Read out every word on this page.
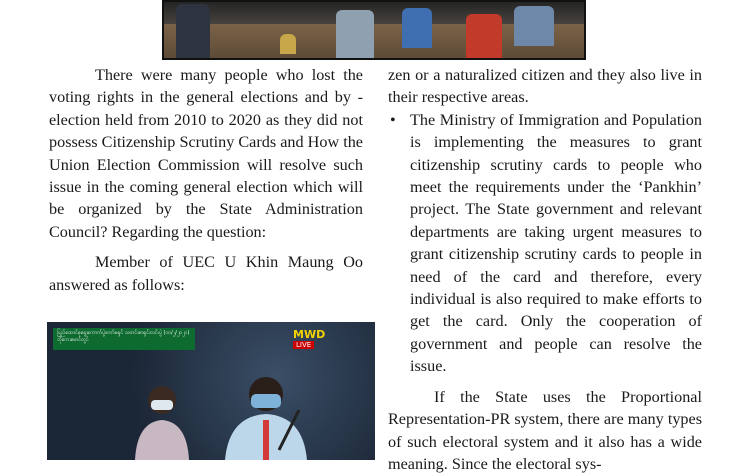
There were many people who lost the voting rights in the general elections and by -election held from 2010 to 2020 as they did not possess Citizenship Scrutiny Cards and How the Union Election Commission will resolve such issue in the coming general election which will be organized by the State Administration Council? Regarding the question:

Member of UEC U Khin Maung Oo answered as follows:

zen or a naturalized citizen and they also live in their respective areas.

• The Ministry of Immigration and Population is implementing the measures to grant citizenship scrutiny cards to people who meet the requirements under the ‘Pankhin’ project. The State government and relevant departments are taking urgent measures to grant citizenship scrutiny cards to people in need of the card and therefore, every individual is also required to make efforts to get the card. Only the cooperation of government and people can resolve the issue.

If the State uses the Proportional Representation-PR system, there are many types of such electoral system and it also has a wide meaning. Since the electoral sys-

ပြည်ထောင်စုရွေးကောက်ပွဲကော်မရှင် သတင်းစာရှင်းလင်းပွဲ (၁၀/၂/၂၀၂၁) ဘိုကေးမောင်တွင်	MWD
LIVE
